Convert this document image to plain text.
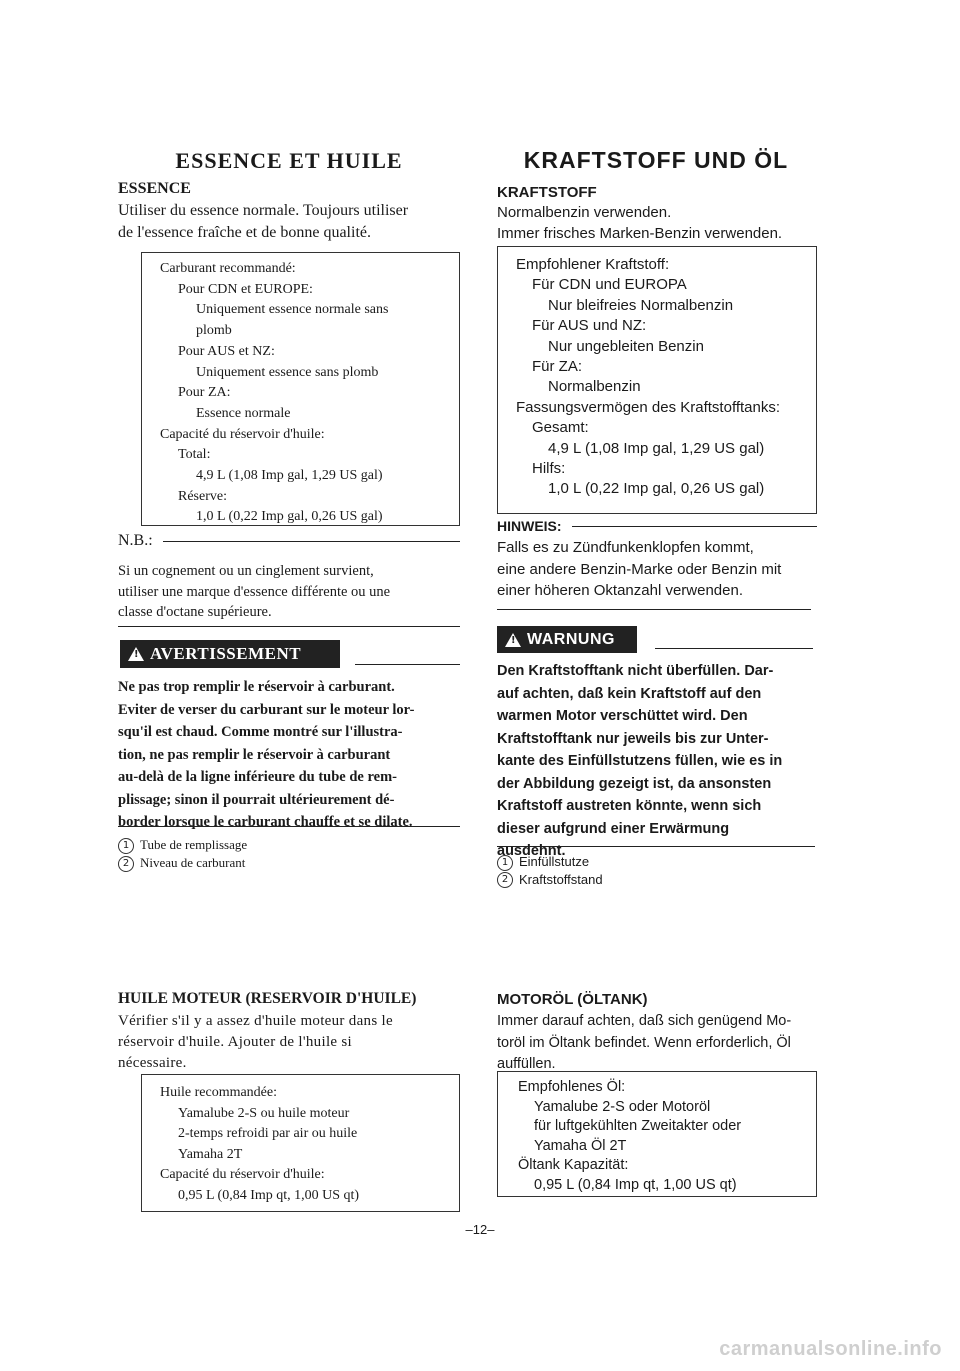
ESSENCE ET HUILE
ESSENCE
Utiliser du essence normale. Toujours utiliser
de l'essence fraîche et de bonne qualité.
Carburant recommandé:
Pour CDN et EUROPE:
Uniquement essence normale sans
plomb
Pour AUS et NZ:
Uniquement essence sans plomb
Pour ZA:
Essence normale
Capacité du réservoir d'huile:
Total:
4,9 L (1,08 Imp gal, 1,29 US gal)
Réserve:
1,0 L (0,22 Imp gal, 0,26 US gal)
N.B.:
Si un cognement ou un cinglement survient,
utiliser une marque d'essence différente ou une
classe d'octane supérieure.
! AVERTISSEMENT
Ne pas trop remplir le réservoir à carburant.
Eviter de verser du carburant sur le moteur lor-
squ'il est chaud. Comme montré sur l'illustra-
tion, ne pas remplir le réservoir à carburant
au-delà de la ligne inférieure du tube de rem-
plissage; sinon il pourrait ultérieurement dé-
border lorsque le carburant chauffe et se dilate.
1 Tube de remplissage
2 Niveau de carburant
HUILE MOTEUR (RESERVOIR D'HUILE)
Vérifier s'il y a assez d'huile moteur dans le
réservoir d'huile. Ajouter de l'huile si
nécessaire.
Huile recommandée:
Yamalube 2-S ou huile moteur
2-temps refroidi par air ou huile
Yamaha 2T
Capacité du réservoir d'huile:
0,95 L (0,84 Imp qt, 1,00 US qt)
KRAFTSTOFF UND ÖL
KRAFTSTOFF
Normalbenzin verwenden.
Immer frisches Marken-Benzin verwenden.
Empfohlener Kraftstoff:
Für CDN und EUROPA
Nur bleifreies Normalbenzin
Für AUS und NZ:
Nur ungebleiten Benzin
Für ZA:
Normalbenzin
Fassungsvermögen des Kraftstofftanks:
Gesamt:
4,9 L (1,08 Imp gal, 1,29 US gal)
Hilfs:
1,0 L (0,22 Imp gal, 0,26 US gal)
HINWEIS:
Falls es zu Zündfunkenklopfen kommt,
eine andere Benzin-Marke oder Benzin mit
einer höheren Oktanzahl verwenden.
! WARNUNG
Den Kraftstofftank nicht überfüllen. Dar-
auf achten, daß kein Kraftstoff auf den
warmen Motor verschüttet wird. Den
Kraftstofftank nur jeweils bis zur Unter-
kante des Einfüllstutzens füllen, wie es in
der Abbildung gezeigt ist, da ansonsten
Kraftstoff austreten könnte, wenn sich
dieser aufgrund einer Erwärmung
ausdehnt.
1 Einfüllstutze
2 Kraftstoffstand
MOTORÖL (ÖLTANK)
Immer darauf achten, daß sich genügend Mo-
toröl im Öltank befindet. Wenn erforderlich, Öl
auffüllen.
Empfohlenes Öl:
Yamalube 2-S oder Motoröl
für luftgekühlten Zweitakter oder
Yamaha Öl 2T
Öltank Kapazität:
0,95 L (0,84 Imp qt, 1,00 US qt)
–12–
carmanualsonline.info
